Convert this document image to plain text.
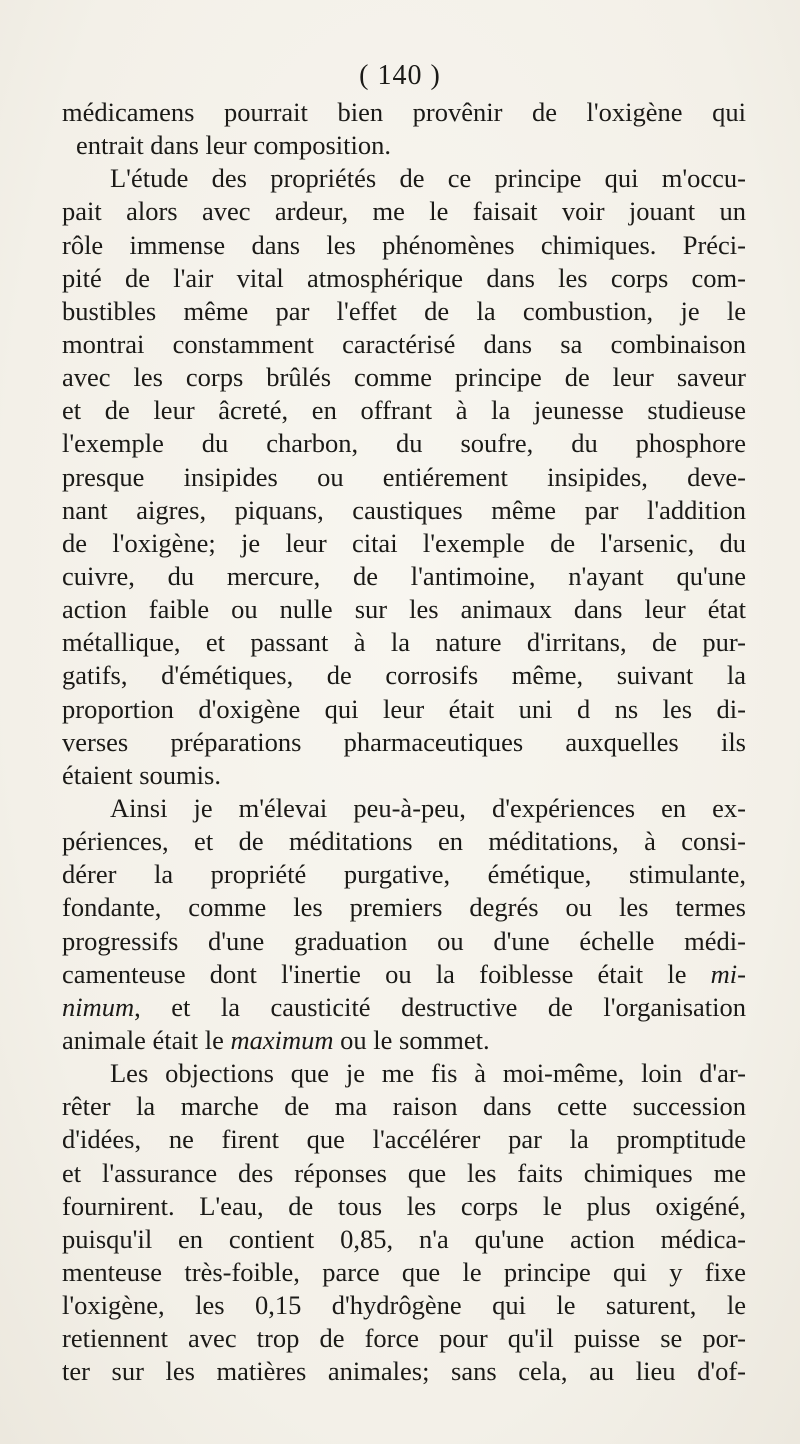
( 140 )
médicamens pourrait bien provênir de l'oxigène qui
entrait dans leur composition.
L'étude des propriétés de ce principe qui m'occu-
pait alors avec ardeur, me le faisait voir jouant un
rôle immense dans les phénomènes chimiques. Préci-
pité de l'air vital atmosphérique dans les corps com-
bustibles même par l'effet de la combustion, je le
montrai constamment caractérisé dans sa combinaison
avec les corps brûlés comme principe de leur saveur
et de leur âcreté, en offrant à la jeunesse studieuse
l'exemple du charbon, du soufre, du phosphore
presque insipides ou entiérement insipides, deve-
nant aigres, piquans, caustiques même par l'addition
de l'oxigène; je leur citai l'exemple de l'arsenic, du
cuivre, du mercure, de l'antimoine, n'ayant qu'une
action faible ou nulle sur les animaux dans leur état
métallique, et passant à la nature d'irritans, de pur-
gatifs, d'émétiques, de corrosifs même, suivant la
proportion d'oxigène qui leur était uni d ns les di-
verses préparations pharmaceutiques auxquelles ils
étaient soumis.
Ainsi je m'élevai peu-à-peu, d'expériences en ex-
périences, et de méditations en méditations, à consi-
dérer la propriété purgative, émétique, stimulante,
fondante, comme les premiers degrés ou les termes
progressifs d'une graduation ou d'une échelle médi-
camenteuse dont l'inertie ou la foiblesse était le mi-
nimum, et la causticité destructive de l'organisation
animale était le maximum ou le sommet.
Les objections que je me fis à moi-même, loin d'ar-
rêter la marche de ma raison dans cette succession
d'idées, ne firent que l'accélérer par la promptitude
et l'assurance des réponses que les faits chimiques me
fournirent. L'eau, de tous les corps le plus oxigéné,
puisqu'il en contient 0,85, n'a qu'une action médica-
menteuse très-foible, parce que le principe qui y fixe
l'oxigène, les 0,15 d'hydrôgène qui le saturent, le
retiennent avec trop de force pour qu'il puisse se por-
ter sur les matières animales; sans cela, au lieu d'of-
